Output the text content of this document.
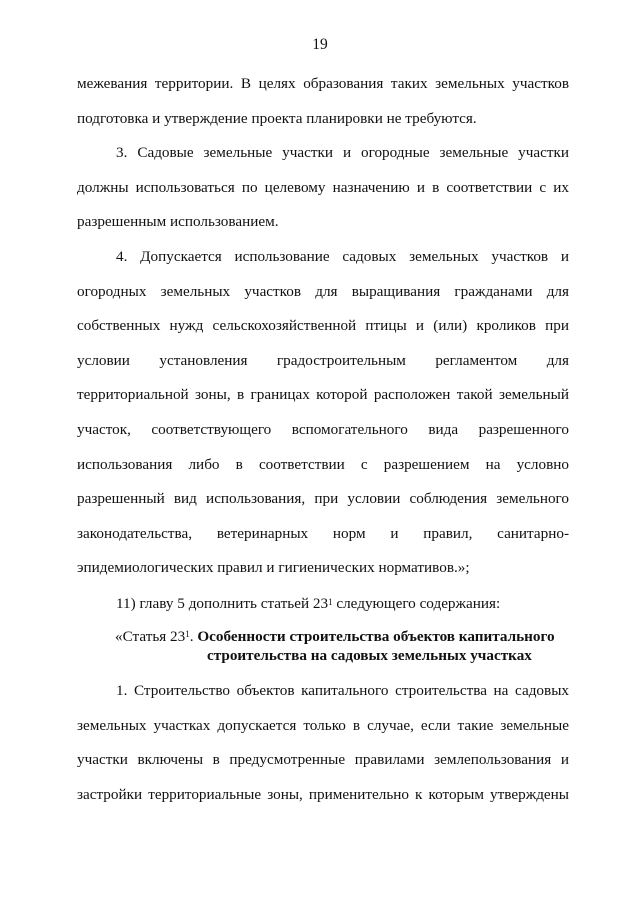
19
межевания территории. В целях образования таких земельных участков
подготовка и утверждение проекта планировки не требуются.
3. Садовые земельные участки и огородные земельные участки
должны использоваться по целевому назначению и в соответствии с их
разрешенным использованием.
4. Допускается использование садовых земельных участков и
огородных земельных участков для выращивания гражданами для
собственных нужд сельскохозяйственной птицы и (или) кроликов при
условии установления градостроительным регламентом для
территориальной зоны, в границах которой расположен такой земельный
участок, соответствующего вспомогательного вида разрешенного
использования либо в соответствии с разрешением на условно
разрешенный вид использования, при условии соблюдения земельного
законодательства, ветеринарных норм и правил, санитарно-
эпидемиологических правил и гигиенических нормативов.»;
11) главу 5 дополнить статьей $23^1$ следующего содержания:
«Статья $23^1$. Особенности строительства объектов капитального
строительства на садовых земельных участках
1. Строительство объектов капитального строительства на садовых
земельных участках допускается только в случае, если такие земельные
участки включены в предусмотренные правилами землепользования и
застройки территориальные зоны, применительно к которым утверждены
